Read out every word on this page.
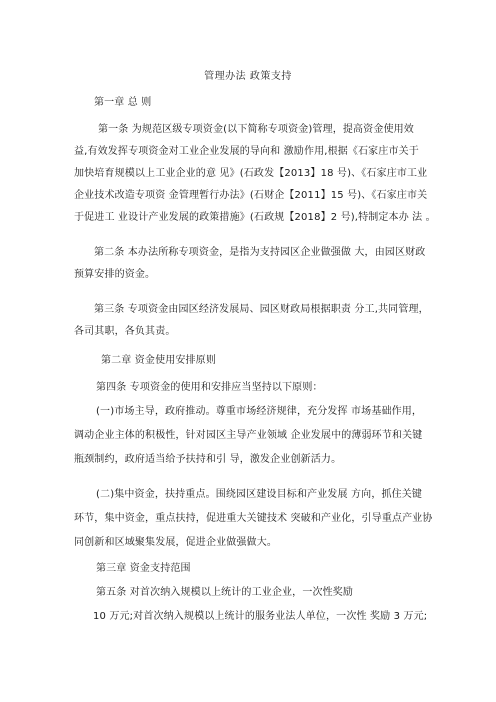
管理办法 政策支持
第一章 总 则
第一条 为规范区级专项资金(以下简称专项资金)管理，提高资金使用效
益,有效发挥专项资金对工业企业发展的导向和 激励作用,根据《石家庄市关于
加快培育规模以上工业企业的意 见》(石政发【2013】18 号)、《石家庄市工业
企业技术改造专项资 金管理暂行办法》(石财企【2011】15 号)、《石家庄市关
于促进工 业设计产业发展的政策措施》(石政规【2018】2 号),特制定本办 法 。
第二条 本办法所称专项资金，是指为支持园区企业做强做 大，由园区财政
预算安排的资金。
第三条 专项资金由园区经济发展局、园区财政局根据职责 分工,共同管理，
各司其职，各负其责。
第二章 资金使用安排原则
第四条 专项资金的使用和安排应当坚持以下原则：
(一)市场主导，政府推动。尊重市场经济规律，充分发挥 市场基础作用，
调动企业主体的积极性，针对园区主导产业领域 企业发展中的薄弱环节和关键
瓶颈制约，政府适当给予扶持和引 导，激发企业创新活力。
(二)集中资金，扶持重点。围绕园区建设目标和产业发展 方向，抓住关键
环节，集中资金，重点扶持，促进重大关键技术 突破和产业化，引导重点产业协
同创新和区域聚集发展，促进企业做强做大。
第三章 资金支持范围
第五条 对首次纳入规模以上统计的工业企业，一次性奖励
10 万元;对首次纳入规模以上统计的服务业法人单位，一次性 奖励 3 万元;
